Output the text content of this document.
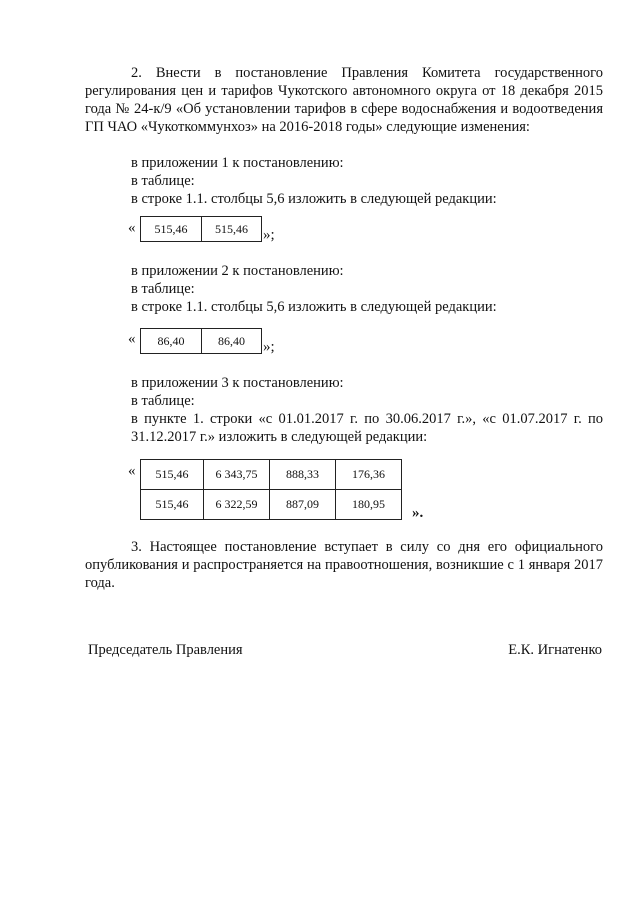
2. Внести в постановление Правления Комитета государственного регулирования цен и тарифов Чукотского автономного округа от 18 декабря 2015 года № 24-к/9 «Об установлении тарифов в сфере водоснабжения и водоотведения ГП ЧАО «Чукоткоммунхоз» на 2016-2018 годы» следующие изменения:
в приложении 1 к постановлению:
в таблице:
в строке 1.1. столбцы 5,6 изложить в следующей редакции:
« 515,46	515,46 »;
в приложении 2 к постановлению:
в таблице:
в строке 1.1. столбцы 5,6 изложить в следующей редакции:
« 86,40	86,40 »;
в приложении 3 к постановлению:
в таблице:
в пункте 1. строки «с 01.01.2017 г. по 30.06.2017 г.», «с 01.07.2017 г. по 31.12.2017 г.» изложить в следующей редакции:
« 515,46	6 343,75	888,33	176,36
515,46	6 322,59	887,09	180,95
».
3. Настоящее постановление вступает в силу со дня его официального опубликования и распространяется на правоотношения, возникшие с 1 января 2017 года.
Председатель Правления	Е.К. Игнатенко
